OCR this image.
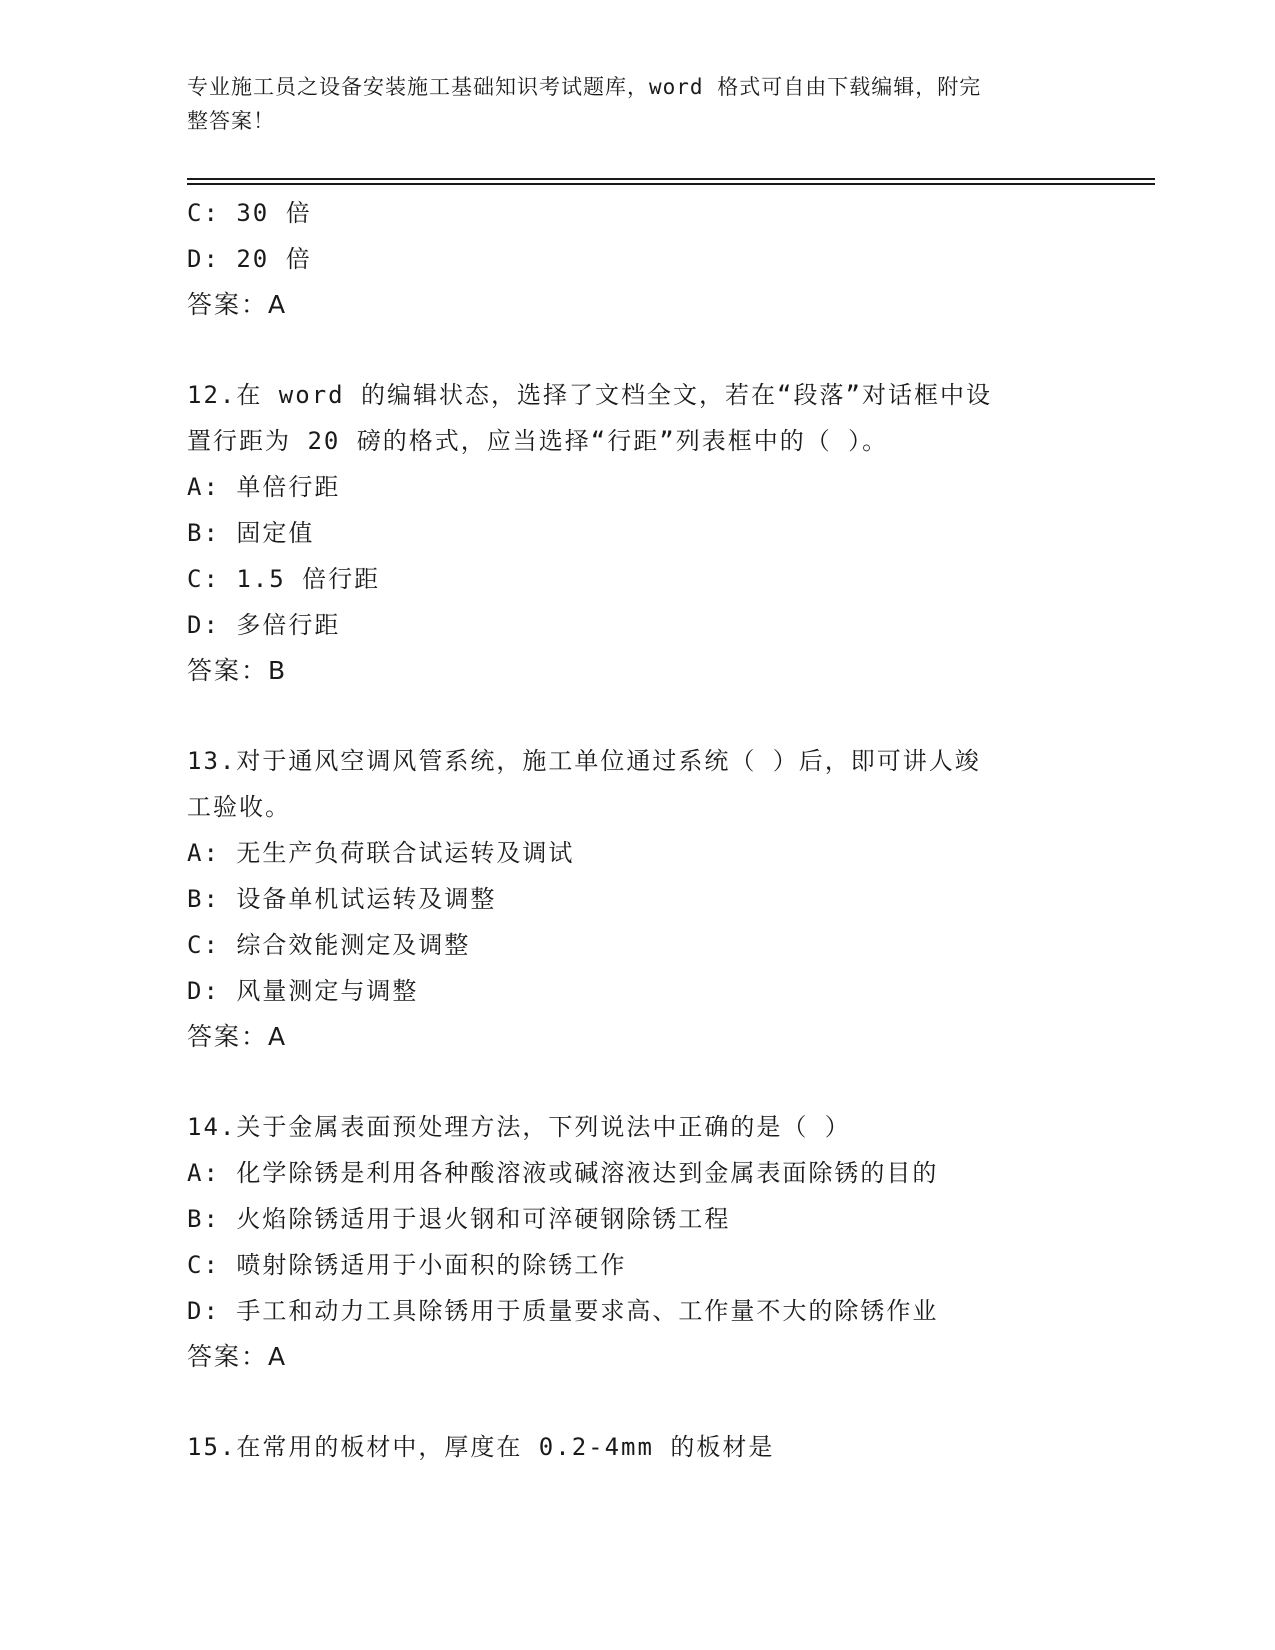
专业施工员之设备安装施工基础知识考试题库，word 格式可自由下载编辑，附完
整答案！
C: 30 倍
D: 20 倍
答案：A
12.在 word 的编辑状态，选择了文档全文，若在“段落”对话框中设
置行距为 20 磅的格式，应当选择“行距”列表框中的（ ）。
A: 单倍行距
B: 固定值
C: 1.5 倍行距
D: 多倍行距
答案：B
13.对于通风空调风管系统，施工单位通过系统（ ）后，即可讲人竣
工验收。
A: 无生产负荷联合试运转及调试
B: 设备单机试运转及调整
C: 综合效能测定及调整
D: 风量测定与调整
答案：A
14.关于金属表面预处理方法，下列说法中正确的是（ ）
A: 化学除锈是利用各种酸溶液或碱溶液达到金属表面除锈的目的
B: 火焰除锈适用于退火钢和可淬硬钢除锈工程
C: 喷射除锈适用于小面积的除锈工作
D: 手工和动力工具除锈用于质量要求高、工作量不大的除锈作业
答案：A
15.在常用的板材中，厚度在 0.2-4mm 的板材是
